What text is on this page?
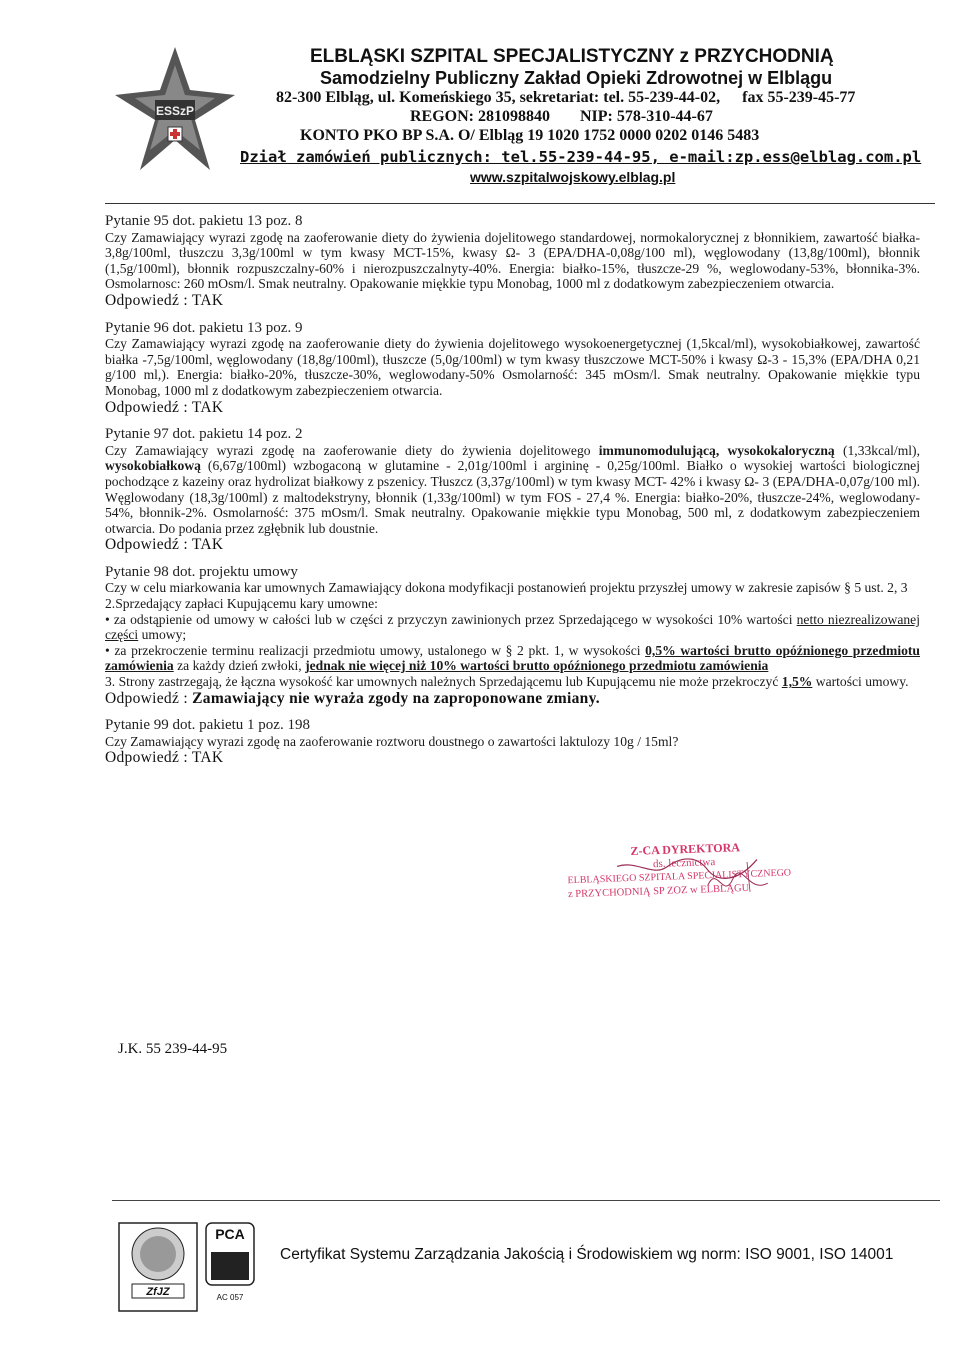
ESSzP
ELBLĄSKI SZPITAL SPECJALISTYCZNY z PRZYCHODNIĄ
Samodzielny Publiczny Zakład Opieki Zdrowotnej w Elblągu
82-300 Elbląg, ul. Komeńskiego 35, sekretariat: tel. 55-239-44-02, fax 55-239-45-77
REGON: 281098840 NIP: 578-310-44-67
KONTO PKO BP S.A. O/ Elbląg 19 1020 1752 0000 0202 0146 5483
Dział zamówień publicznych: tel.55-239-44-95, e-mail:zp.ess@elblag.com.pl
www.szpitalwojskowy.elblag.pl
Pytanie 95 dot. pakietu 13 poz. 8

Czy Zamawiający wyrazi zgodę na zaoferowanie diety do żywienia dojelitowego standardowej, normokalorycznej z błonnikiem, zawartość białka-3,8g/100ml, tłuszczu 3,3g/100ml w tym kwasy MCT-15%, kwasy Ω- 3 (EPA/DHA-0,08g/100 ml), węglowodany (13,8g/100ml), błonnik (1,5g/100ml), błonnik rozpuszczalny-60% i nierozpuszczalnyty-40%. Energia: białko-15%, tłuszcze-29 %, weglowodany-53%, błonnika-3%. Osmolarnosc: 260 mOsm/l. Smak neutralny. Opakowanie miękkie typu Monobag, 1000 ml z dodatkowym zabezpieczeniem otwarcia.

Odpowiedź : TAK
Pytanie 96 dot. pakietu 13 poz. 9

Czy Zamawiający wyrazi zgodę na zaoferowanie diety do żywienia dojelitowego wysokoenergetycznej (1,5kcal/ml), wysokobiałkowej, zawartość białka -7,5g/100ml, węglowodany (18,8g/100ml), tłuszcze (5,0g/100ml) w tym kwasy tłuszczowe MCT-50% i kwasy Ω-3 - 15,3% (EPA/DHA 0,21 g/100 ml,). Energia: białko-20%, tłuszcze-30%, weglowodany-50% Osmolarność: 345 mOsm/l. Smak neutralny. Opakowanie miękkie typu Monobag, 1000 ml z dodatkowym zabezpieczeniem otwarcia.

Odpowiedź : TAK
Pytanie 97 dot. pakietu 14 poz. 2

Czy Zamawiający wyrazi zgodę na zaoferowanie diety do żywienia dojelitowego immunomodulującą, wysokokaloryczną (1,33kcal/ml), wysokobiałkową (6,67g/100ml) wzbogaconą w glutamine - 2,01g/100ml i argininę - 0,25g/100ml. Białko o wysokiej wartości biologicznej pochodzące z kazeiny oraz hydrolizat białkowy z pszenicy. Tłuszcz (3,37g/100ml) w tym kwasy MCT- 42% i kwasy Ω- 3 (EPA/DHA-0,07g/100 ml). Węglowodany (18,3g/100ml) z maltodekstryny, błonnik (1,33g/100ml) w tym FOS - 27,4 %. Energia: białko-20%, tłuszcze-24%, weglowodany-54%, błonnik-2%. Osmolarność: 375 mOsm/l. Smak neutralny. Opakowanie miękkie typu Monobag, 500 ml, z dodatkowym zabezpieczeniem otwarcia. Do podania przez zgłębnik lub doustnie.

Odpowiedź : TAK
Pytanie 98 dot. projektu umowy

Czy w celu miarkowania kar umownych Zamawiający dokona modyfikacji postanowień projektu przyszłej umowy w zakresie zapisów § 5 ust. 2, 3

2.Sprzedający zapłaci Kupującemu kary umowne:

• za odstąpienie od umowy w całości lub w części z przyczyn zawinionych przez Sprzedającego w wysokości 10% wartości netto niezrealizowanej części umowy;

• za przekroczenie terminu realizacji przedmiotu umowy, ustalonego w § 2 pkt. 1, w wysokości 0,5% wartości brutto opóźnionego przedmiotu zamówienia za każdy dzień zwłoki, jednak nie więcej niż 10% wartości brutto opóźnionego przedmiotu zamówienia

3. Strony zastrzegają, że łączna wysokość kar umownych należnych Sprzedającemu lub Kupującemu nie może przekroczyć 1,5% wartości umowy.

Odpowiedź : Zamawiający nie wyraża zgody na zaproponowane zmiany.
Pytanie 99 dot. pakietu 1 poz. 198

Czy Zamawiający wyrazi zgodę na zaoferowanie roztworu doustnego o zawartości laktulozy 10g / 15ml?

Odpowiedź : TAK
Z-CA DYREKTORA
ds. lecznictwa
ELBLĄSKIEGO SZPITALA SPECJALISTYCZNEGO
z PRZYCHODNIĄ SP ZOZ w ELBLĄGU
J.K. 55 239-44-95
ZfJZ
PCA
AC 057
Certyfikat Systemu Zarządzania Jakością i Środowiskiem wg norm: ISO 9001, ISO 14001
